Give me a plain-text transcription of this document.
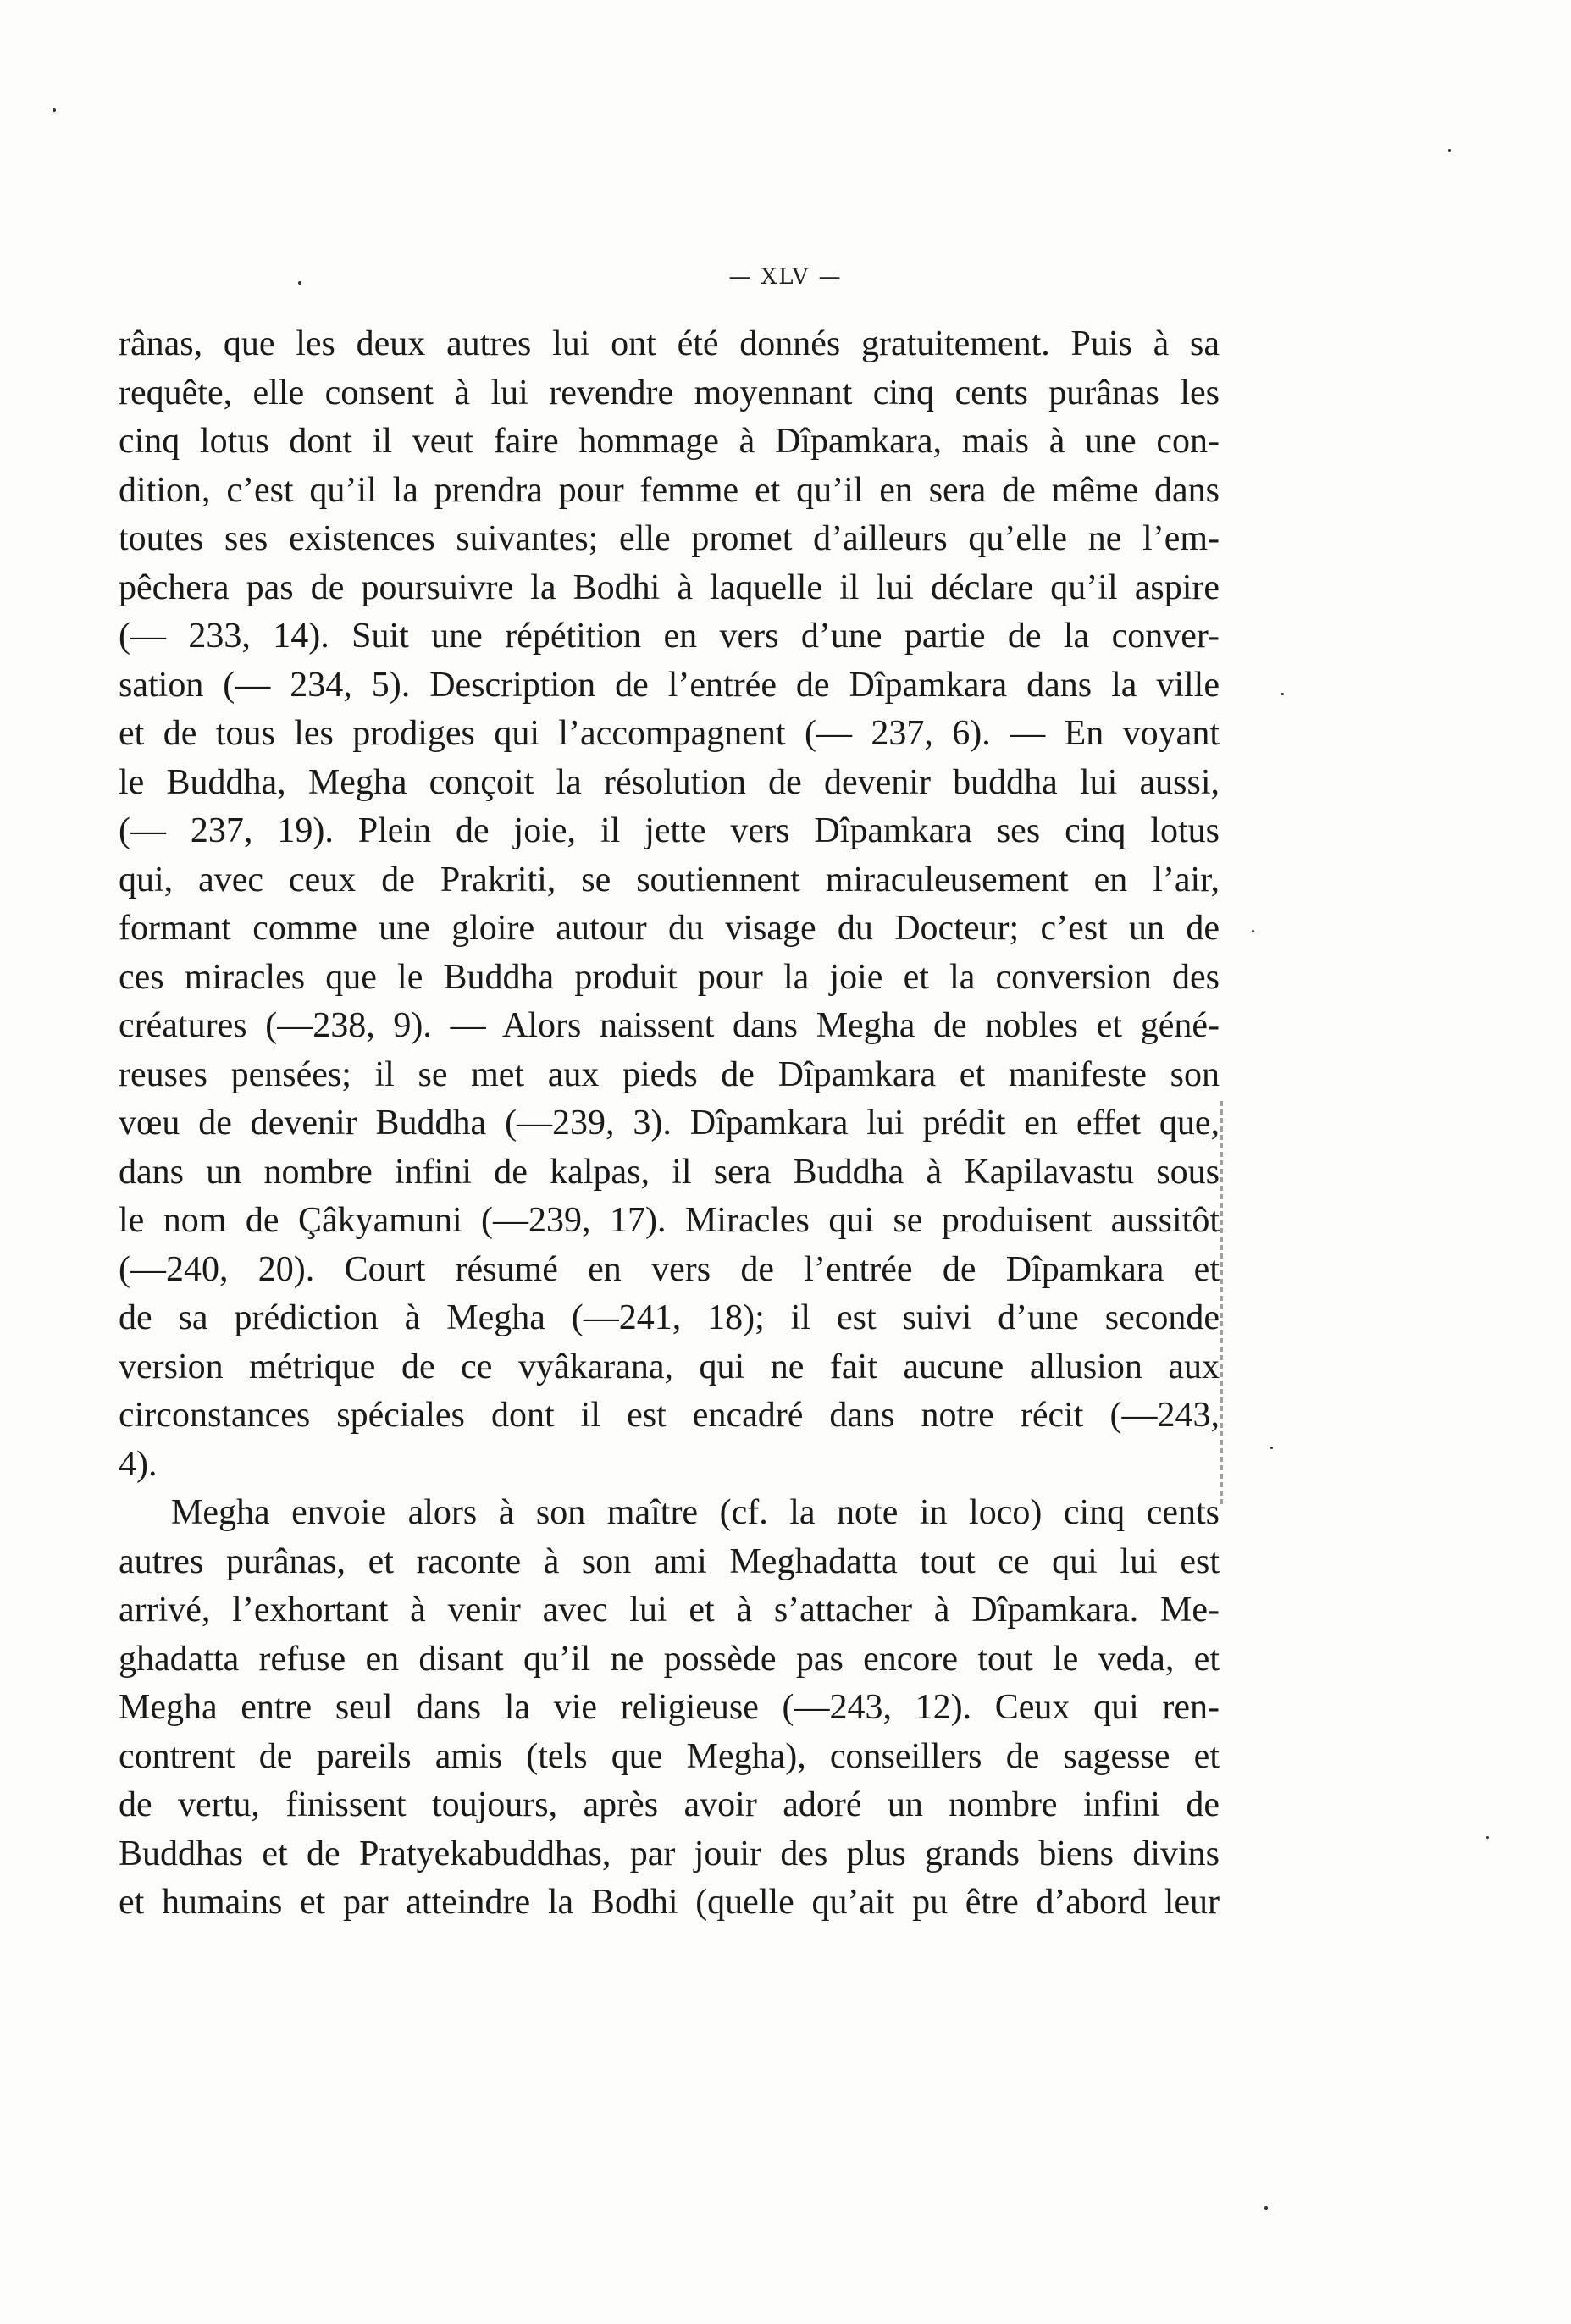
— XLV —
rânas, que les deux autres lui ont été donnés gratuitement. Puis à sa
requête, elle consent à lui revendre moyennant cinq cents purânas les
cinq lotus dont il veut faire hommage à Dîpamkara, mais à une con-
dition, c’est qu’il la prendra pour femme et qu’il en sera de même dans
toutes ses existences suivantes; elle promet d’ailleurs qu’elle ne l’em-
pêchera pas de poursuivre la Bodhi à laquelle il lui déclare qu’il aspire
(— 233, 14). Suit une répétition en vers d’une partie de la conver-
sation (— 234, 5). Description de l’entrée de Dîpamkara dans la ville
et de tous les prodiges qui l’accompagnent (— 237, 6). — En voyant
le Buddha, Megha conçoit la résolution de devenir buddha lui aussi,
(— 237, 19). Plein de joie, il jette vers Dîpamkara ses cinq lotus
qui, avec ceux de Prakriti, se soutiennent miraculeusement en l’air,
formant comme une gloire autour du visage du Docteur; c’est un de
ces miracles que le Buddha produit pour la joie et la conversion des
créatures (—238, 9). — Alors naissent dans Megha de nobles et géné-
reuses pensées; il se met aux pieds de Dîpamkara et manifeste son
vœu de devenir Buddha (—239, 3). Dîpamkara lui prédit en effet que,
dans un nombre infini de kalpas, il sera Buddha à Kapilavastu sous
le nom de Çâkyamuni (—239, 17). Miracles qui se produisent aussitôt
(—240, 20). Court résumé en vers de l’entrée de Dîpamkara et
de sa prédiction à Megha (—241, 18); il est suivi d’une seconde
version métrique de ce vyâkarana, qui ne fait aucune allusion aux
circonstances spéciales dont il est encadré dans notre récit (—243,
4).
Megha envoie alors à son maître (cf. la note in loco) cinq cents
autres purânas, et raconte à son ami Meghadatta tout ce qui lui est
arrivé, l’exhortant à venir avec lui et à s’attacher à Dîpamkara. Me-
ghadatta refuse en disant qu’il ne possède pas encore tout le veda, et
Megha entre seul dans la vie religieuse (—243, 12). Ceux qui ren-
contrent de pareils amis (tels que Megha), conseillers de sagesse et
de vertu, finissent toujours, après avoir adoré un nombre infini de
Buddhas et de Pratyekabuddhas, par jouir des plus grands biens divins
et humains et par atteindre la Bodhi (quelle qu’ait pu être d’abord leur
